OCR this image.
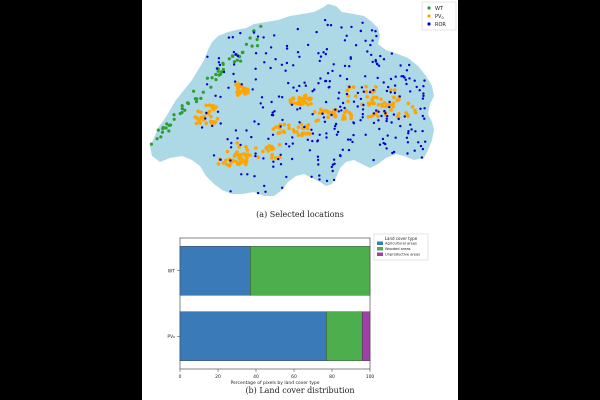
WT
$PV_0$
ROR
(a) Selected locations
WT
PV₀
0	20	40	60	80	100
Percentage of pixels by land cover type
Land cover type
Agricultural areas
Wooded areas
Unproductive areas
(b) Land cover distribution
